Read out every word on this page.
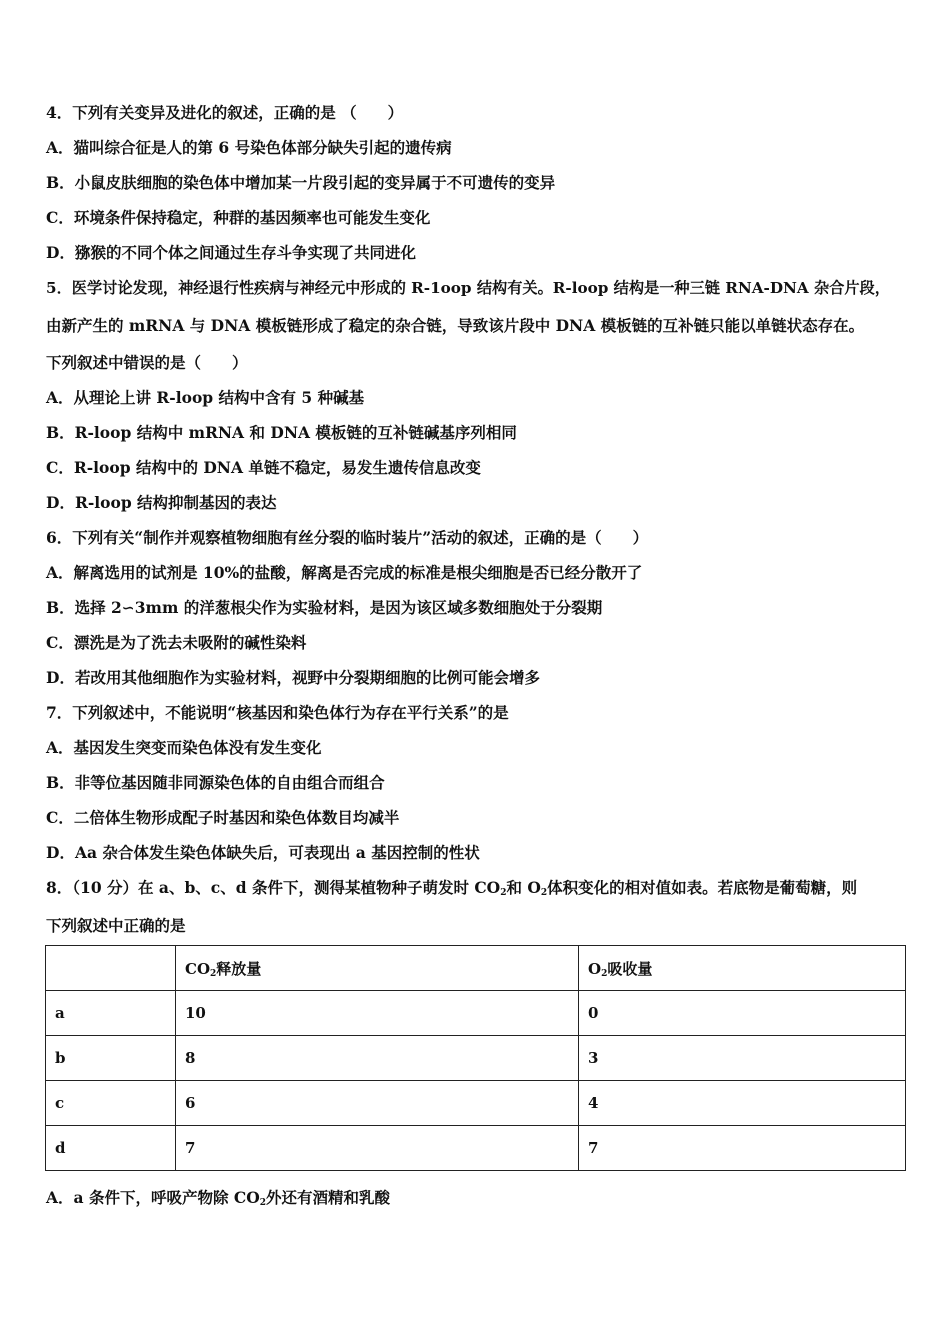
4．下列有关变异及进化的叙述，正确的是 （　　）
A．猫叫综合征是人的第 6 号染色体部分缺失引起的遗传病
B．小鼠皮肤细胞的染色体中增加某一片段引起的变异属于不可遗传的变异
C．环境条件保持稳定，种群的基因频率也可能发生变化
D．猕猴的不同个体之间通过生存斗争实现了共同进化
5．医学讨论发现，神经退行性疾病与神经元中形成的 R-1oop 结构有关。R-loop 结构是一种三链 RNA-DNA 杂合片段，
由新产生的 mRNA 与 DNA 模板链形成了稳定的杂合链，导致该片段中 DNA 模板链的互补链只能以单链状态存在。
下列叙述中错误的是（　　）
A．从理论上讲 R-loop 结构中含有 5 种碱基
B．R-loop 结构中 mRNA 和 DNA 模板链的互补链碱基序列相同
C．R-loop 结构中的 DNA 单链不稳定，易发生遗传信息改变
D．R-loop 结构抑制基因的表达
6．下列有关“制作并观察植物细胞有丝分裂的临时装片”活动的叙述，正确的是（　　）
A．解离选用的试剂是 10%的盐酸，解离是否完成的标准是根尖细胞是否已经分散开了
B．选择 2∽3mm 的洋葱根尖作为实验材料，是因为该区域多数细胞处于分裂期
C．漂洗是为了洗去未吸附的碱性染料
D．若改用其他细胞作为实验材料，视野中分裂期细胞的比例可能会增多
7．下列叙述中，不能说明“核基因和染色体行为存在平行关系”的是
A．基因发生突变而染色体没有发生变化
B．非等位基因随非同源染色体的自由组合而组合
C．二倍体生物形成配子时基因和染色体数目均减半
D．Aa 杂合体发生染色体缺失后，可表现出 a 基因控制的性状
8．（10 分）在 a、b、c、d 条件下，测得某植物种子萌发时 $CO_2$和 $O_2$体积变化的相对值如表。若底物是葡萄糖，则
下列叙述中正确的是
	$CO_2$释放量	$O_2$吸收量
a	10	0
b	8	3
c	6	4
d	7	7
A．a 条件下，呼吸产物除 $CO_2$外还有酒精和乳酸
